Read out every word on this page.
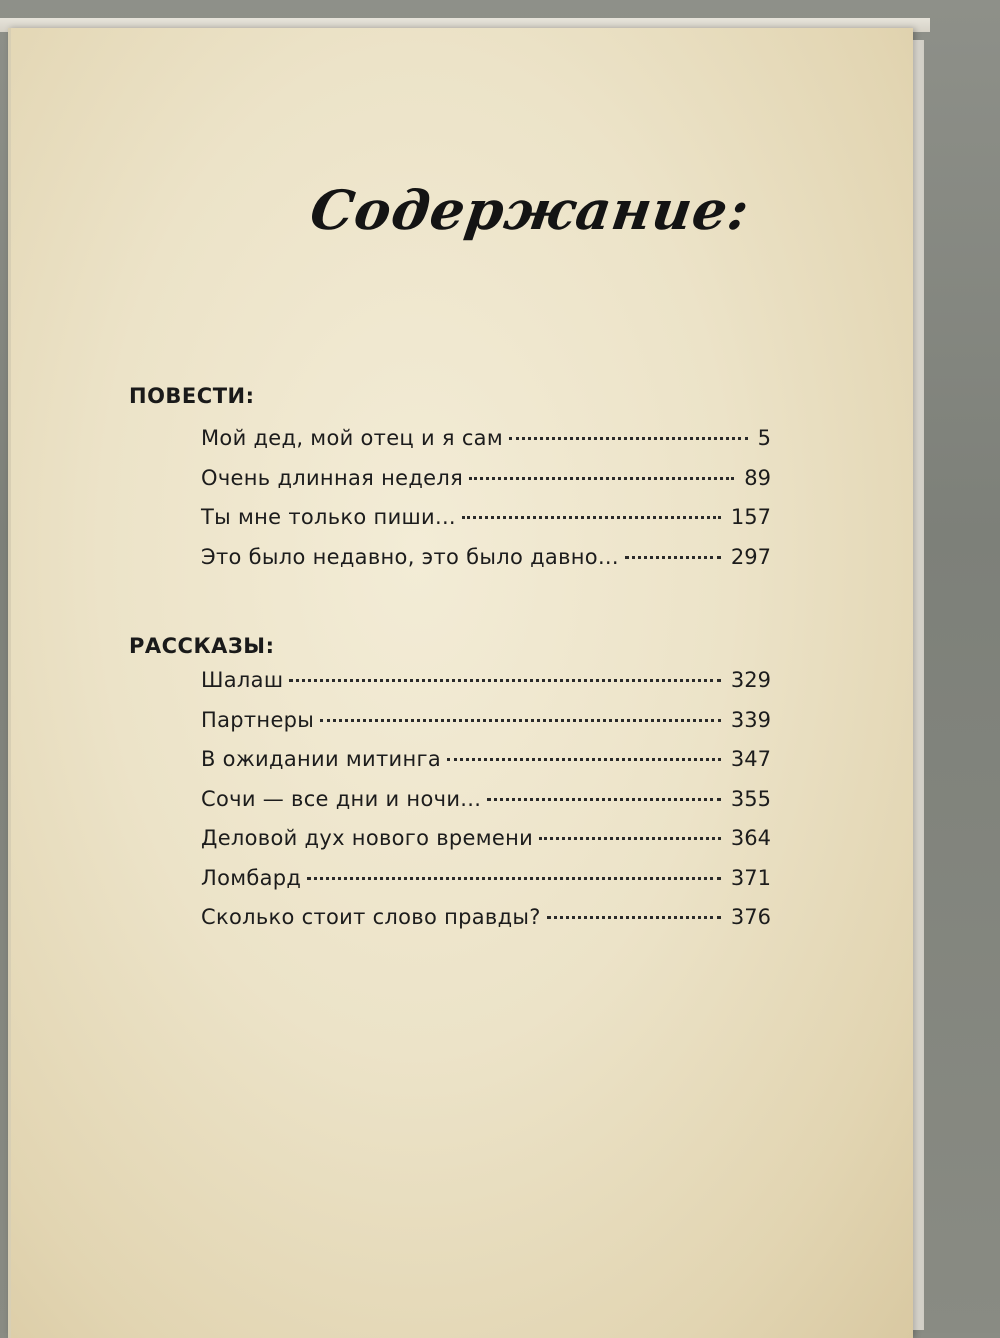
Содержание:
ПОВЕСТИ:
Мой дед, мой отец и я сам	5
Очень длинная неделя	89
Ты мне только пиши...	157
Это было недавно, это было давно...	297
РАССКАЗЫ:
Шалаш	329
Партнеры	339
В ожидании митинга	347
Сочи — все дни и ночи...	355
Деловой дух нового времени	364
Ломбард	371
Сколько стоит слово правды?	376
